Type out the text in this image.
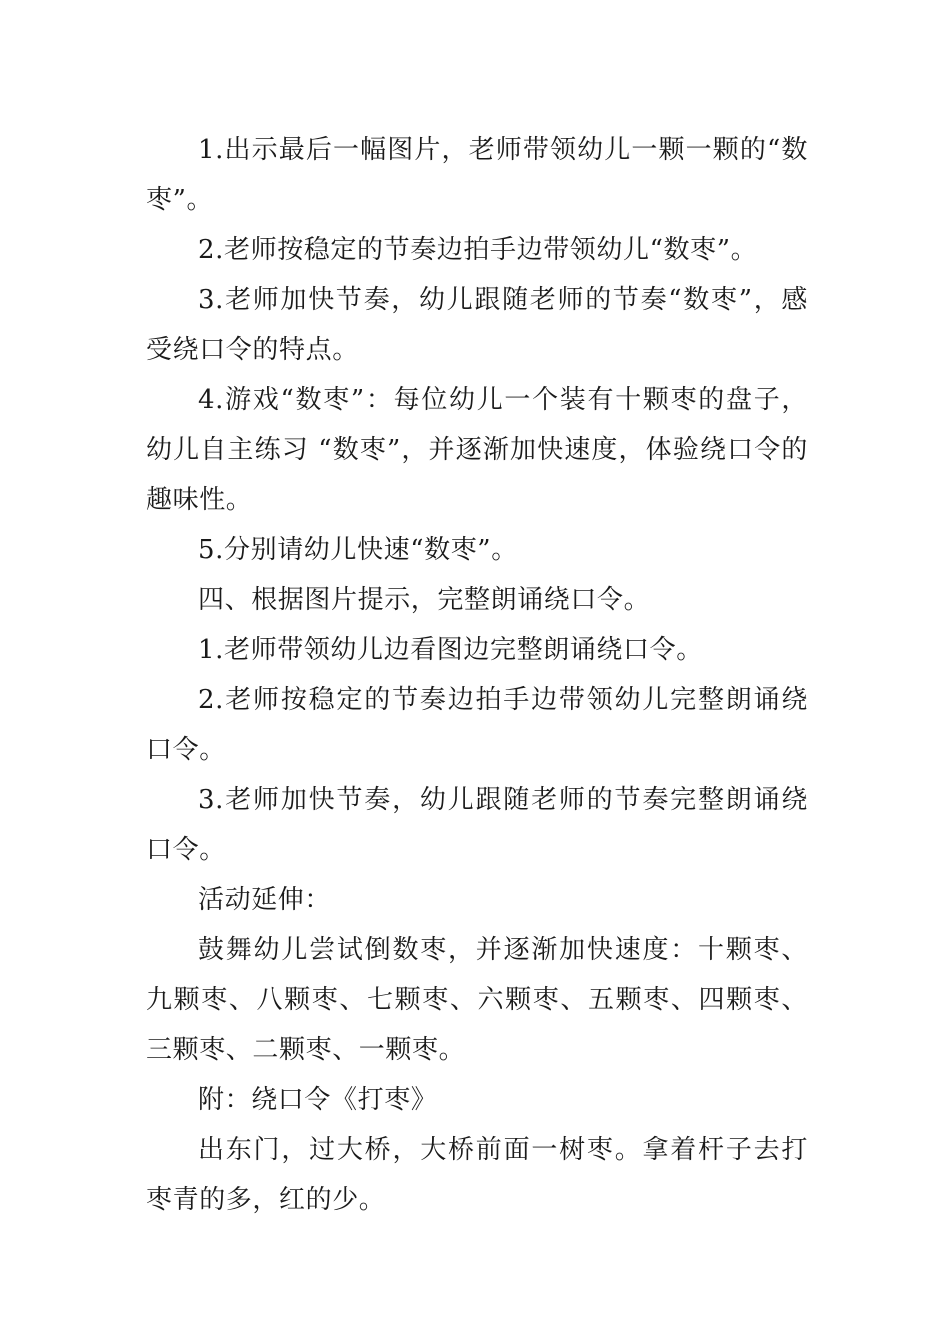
1.出示最后一幅图片，老师带领幼儿一颗一颗的“数枣”。

2.老师按稳定的节奏边拍手边带领幼儿“数枣”。

3.老师加快节奏，幼儿跟随老师的节奏“数枣”，感受绕口令的特点。

4.游戏“数枣”：每位幼儿一个装有十颗枣的盘子，幼儿自主练习 “数枣”，并逐渐加快速度，体验绕口令的趣味性。

5.分别请幼儿快速“数枣”。

四、根据图片提示，完整朗诵绕口令。

1.老师带领幼儿边看图边完整朗诵绕口令。

2.老师按稳定的节奏边拍手边带领幼儿完整朗诵绕口令。

3.老师加快节奏，幼儿跟随老师的节奏完整朗诵绕口令。

活动延伸：

鼓舞幼儿尝试倒数枣，并逐渐加快速度：十颗枣、九颗枣、八颗枣、七颗枣、六颗枣、五颗枣、四颗枣、三颗枣、二颗枣、一颗枣。

附：绕口令《打枣》

出东门，过大桥，大桥前面一树枣。拿着杆子去打枣青的多，红的少。
